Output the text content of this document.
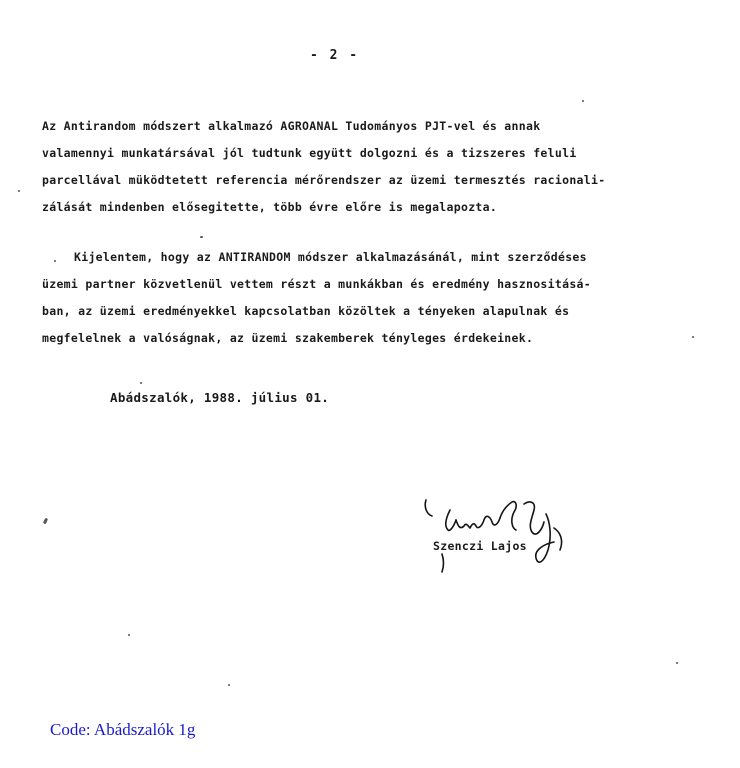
- 2 -
Az Antirandom módszert alkalmazó AGROANAL Tudományos PJT-vel és annak
valamennyi munkatársával jól tudtunk együtt dolgozni és a tizszeres feluli
parcellával müködtetett referencia mérőrendszer az üzemi termesztés racionali-
zálását mindenben elősegitette, több évre előre is megalapozta.
Kijelentem, hogy az ANTIRANDOM módszer alkalmazásánál, mint szerződéses
üzemi partner közvetlenül vettem részt a munkákban és eredmény hasznositásá-
ban, az üzemi eredményekkel kapcsolatban közöltek a tényeken alapulnak és
megfelelnek a valóságnak, az üzemi szakemberek tényleges érdekeinek.
Abádszalók, 1988. július 01.
Szenczi Lajos
Code: Abádszalók 1g
